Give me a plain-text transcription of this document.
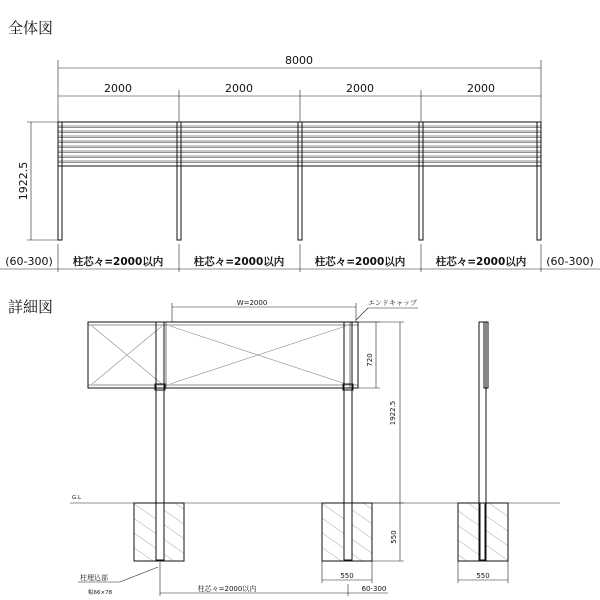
全体図
詳細図
8000
2000	2000	2000	2000
1922.5
(60-300)	(60-300)
柱芯々=2000以内	柱芯々=2000以内	柱芯々=2000以内	柱芯々=2000以内
W=2000	エンドキャップ
720
1922.5
G.L
550
550
60-300
柱芯々=2000以内
柱埋込部
幅66×78
550
